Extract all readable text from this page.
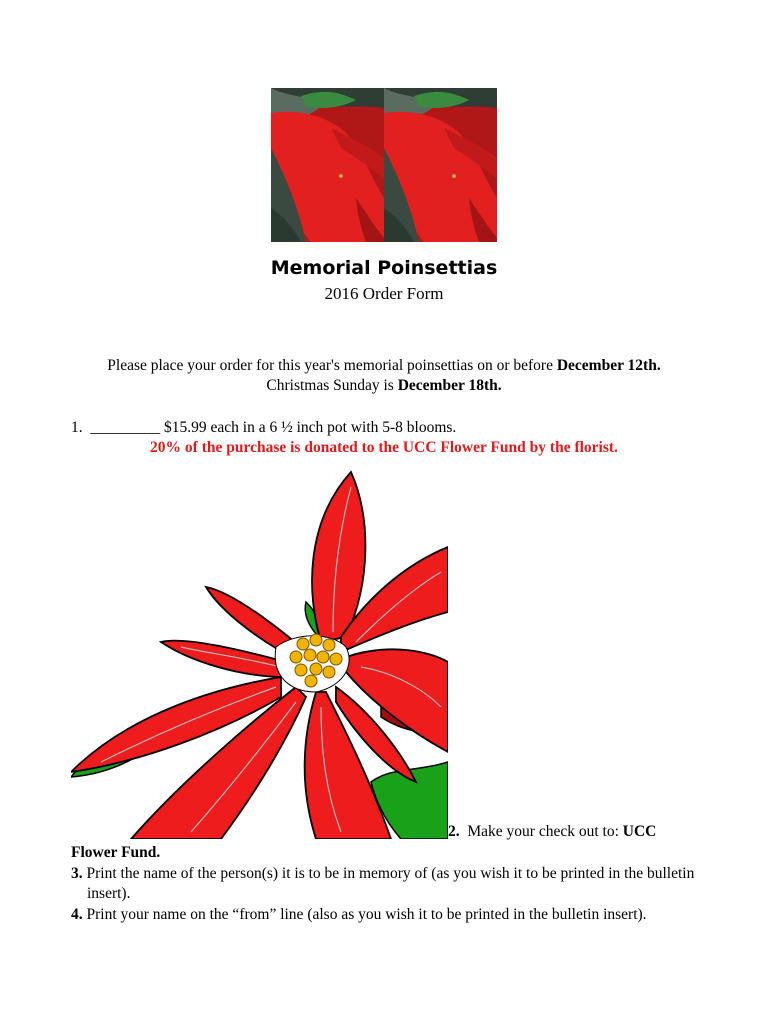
Memorial Poinsettias
2016 Order Form
Please place your order for this year's memorial poinsettias on or before December 12th.
Christmas Sunday is December 18th.
1. _________ $15.99 each in a 6 ½ inch pot with 5-8 blooms.
20% of the purchase is donated to the UCC Flower Fund by the florist.
2.  Make your check out to: UCC
Flower Fund.
3. Print the name of the person(s) it is to be in memory of (as you wish it to be printed in the bulletin insert).
4. Print your name on the “from” line (also as you wish it to be printed in the bulletin insert).
